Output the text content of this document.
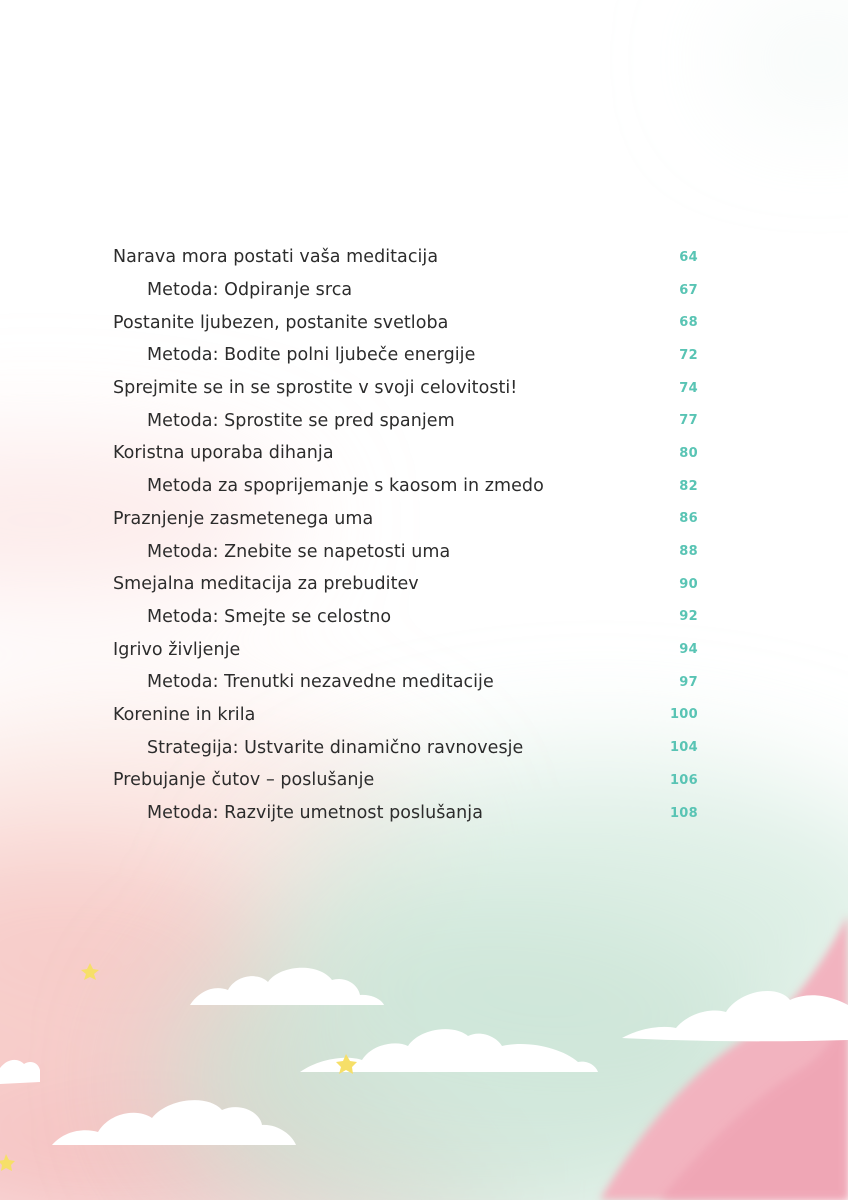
Narava mora postati vaša meditacija	64
Metoda: Odpiranje srca	67
Postanite ljubezen, postanite svetloba	68
Metoda: Bodite polni ljubeče energije	72
Sprejmite se in se sprostite v svoji celovitosti!	74
Metoda: Sprostite se pred spanjem	77
Koristna uporaba dihanja	80
Metoda za spoprijemanje s kaosom in zmedo	82
Praznjenje zasmetenega uma	86
Metoda: Znebite se napetosti uma	88
Smejalna meditacija za prebuditev	90
Metoda: Smejte se celostno	92
Igrivo življenje	94
Metoda: Trenutki nezavedne meditacije	97
Korenine in krila	100
Strategija: Ustvarite dinamično ravnovesje	104
Prebujanje čutov – poslušanje	106
Metoda: Razvijte umetnost poslušanja	108
